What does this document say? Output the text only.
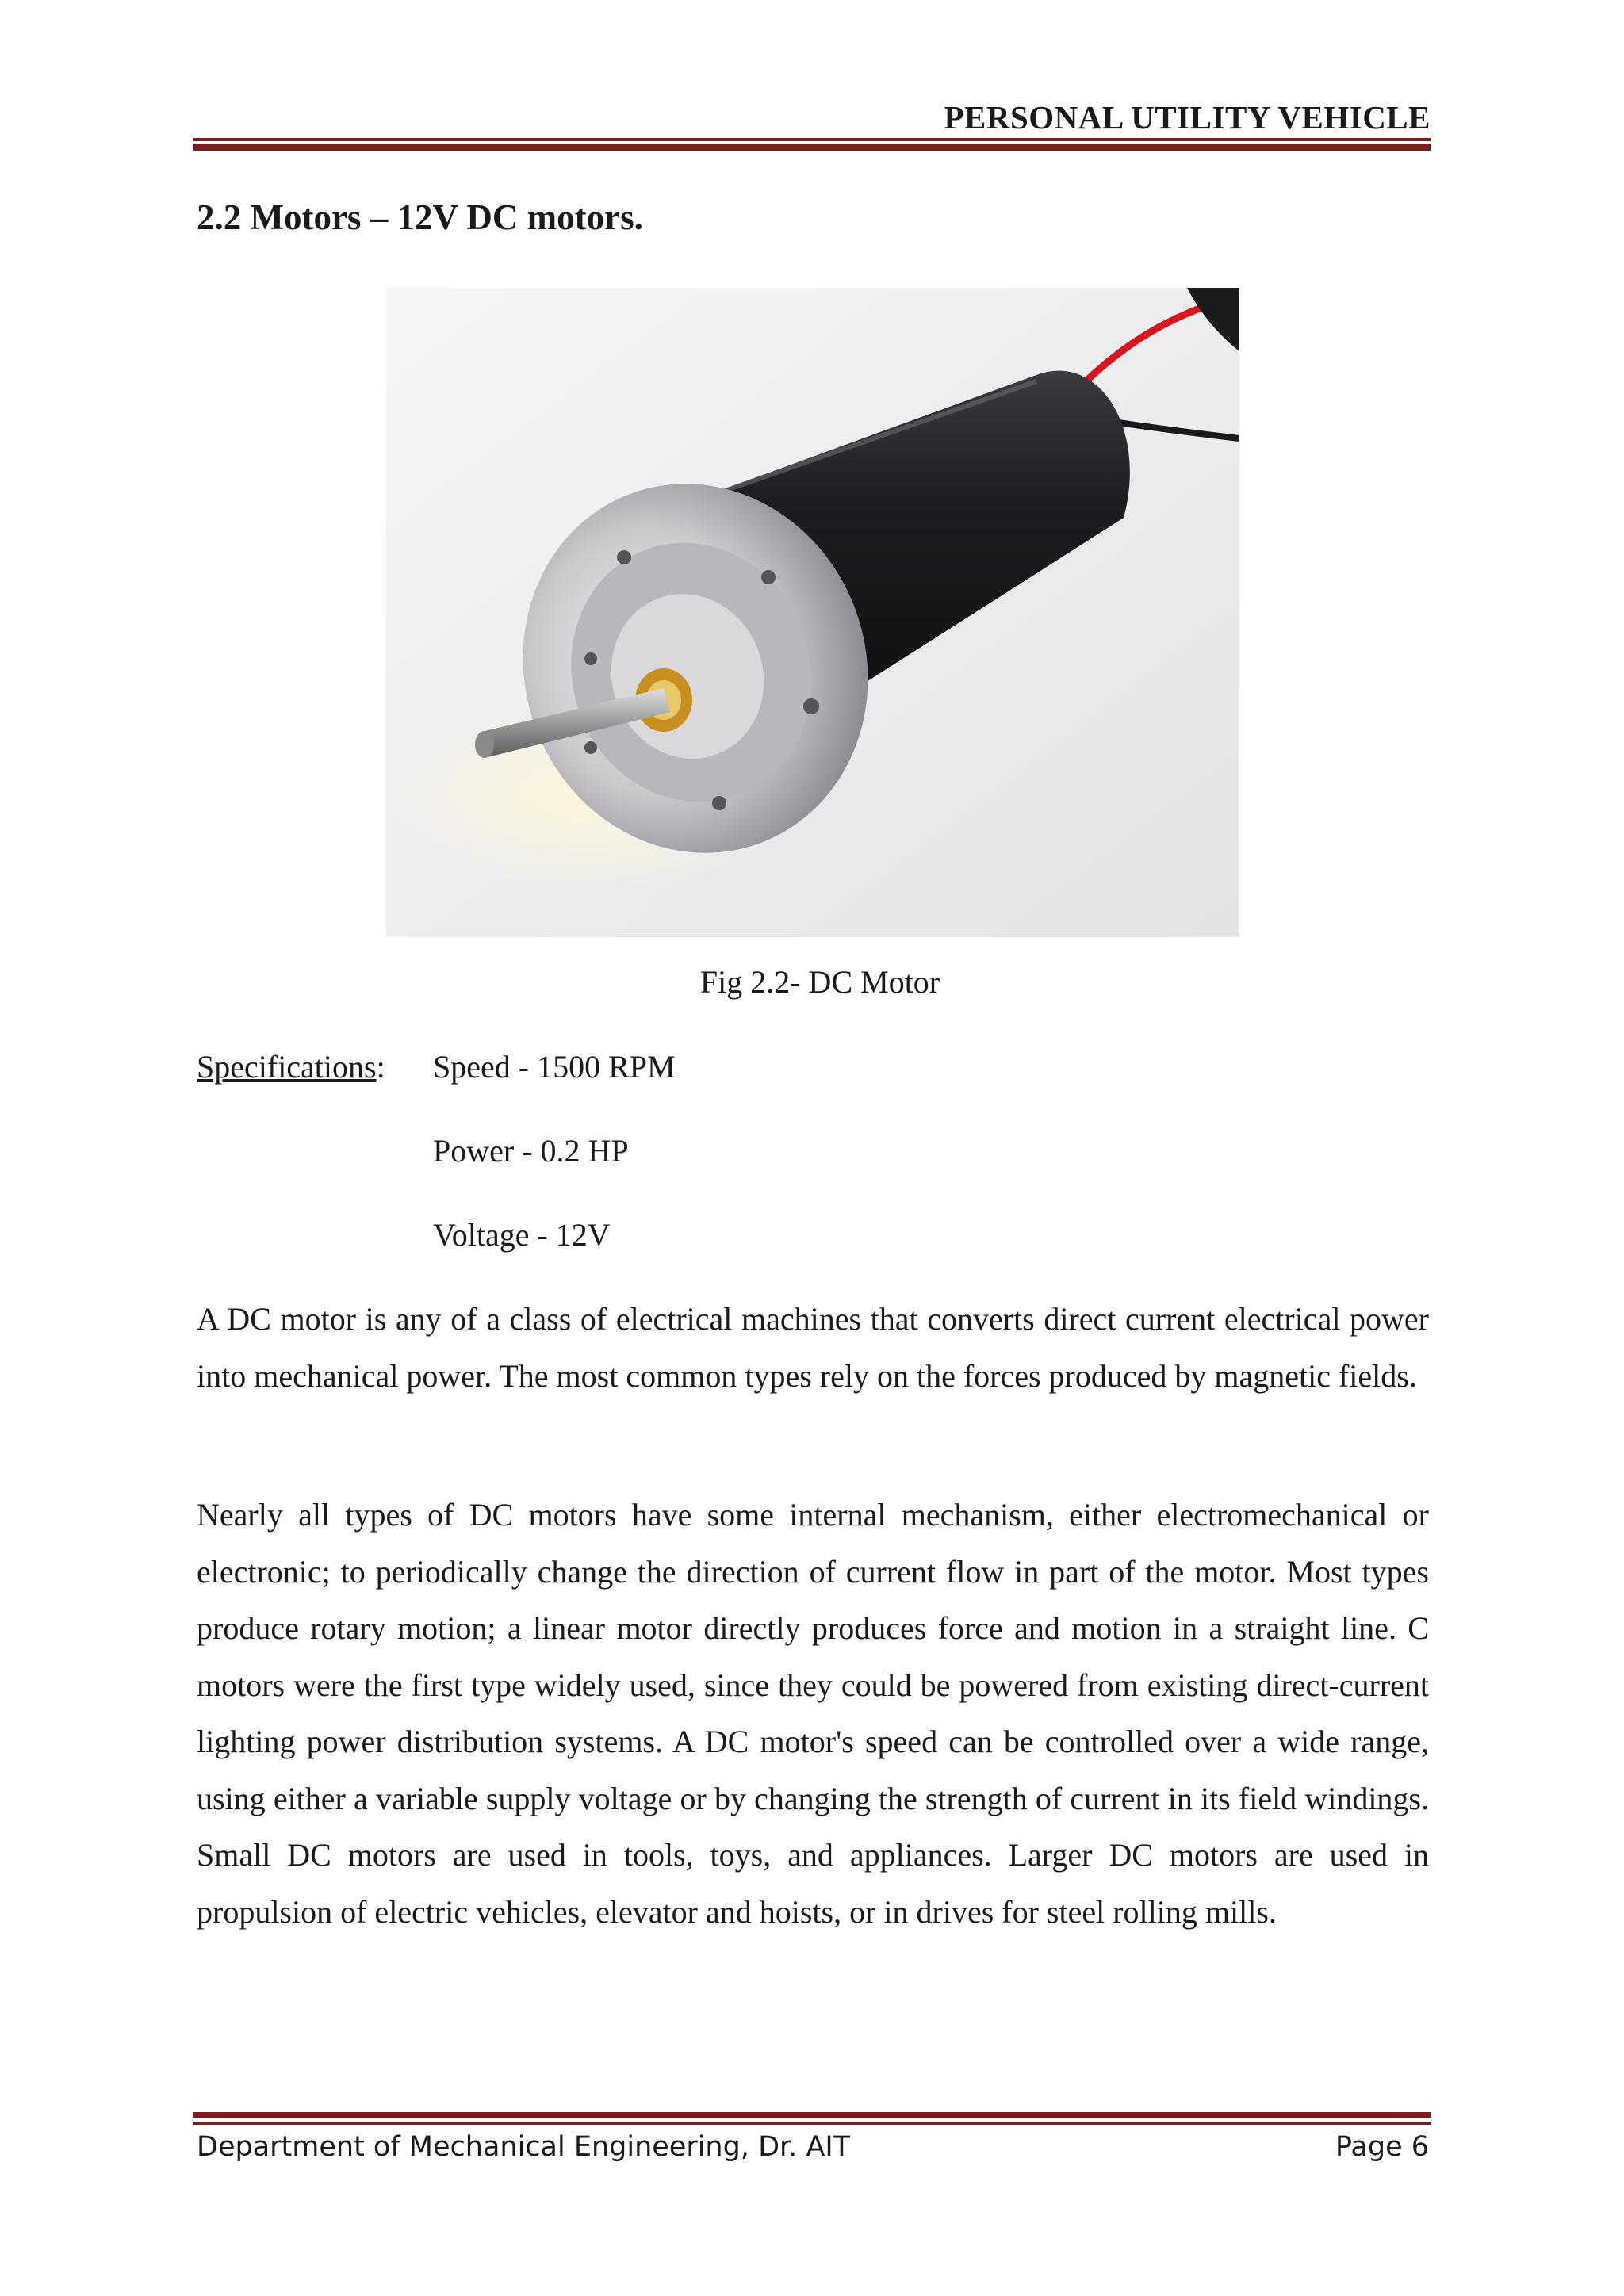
PERSONAL UTILITY VEHICLE
2.2 Motors – 12V DC motors.
Fig 2.2- DC Motor
Specifications: Speed - 1500 RPM
Power - 0.2 HP
Voltage - 12V

A DC motor is any of a class of electrical machines that converts direct current electrical power into mechanical power. The most common types rely on the forces produced by magnetic fields.

Nearly all types of DC motors have some internal mechanism, either electromechanical or electronic; to periodically change the direction of current flow in part of the motor. Most types produce rotary motion; a linear motor directly produces force and motion in a straight line. C motors were the first type widely used, since they could be powered from existing direct-current lighting power distribution systems. A DC motor's speed can be controlled over a wide range, using either a variable supply voltage or by changing the strength of current in its field windings. Small DC motors are used in tools, toys, and appliances. Larger DC motors are used in propulsion of electric vehicles, elevator and hoists, or in drives for steel rolling mills.

Department of Mechanical Engineering, Dr. AIT	Page 6
